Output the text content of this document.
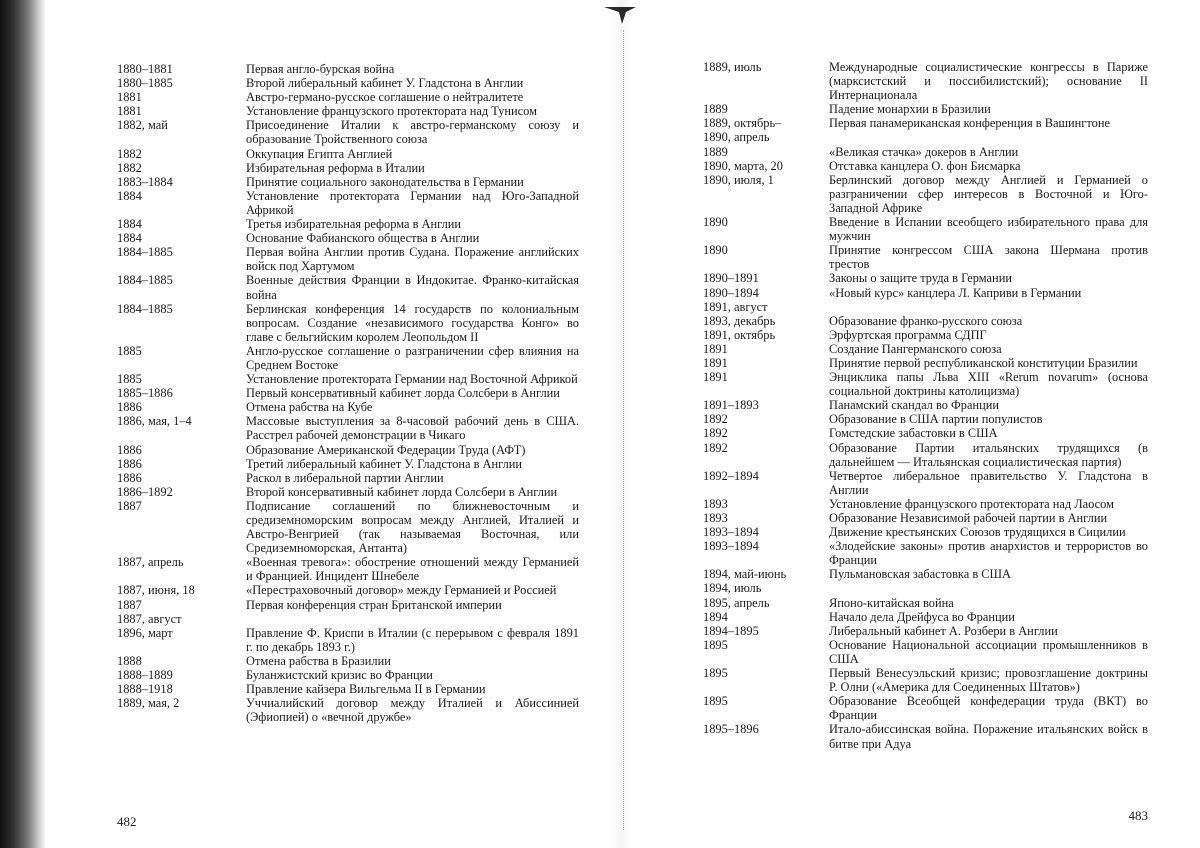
1880–1881	Первая англо-бурская война
1880–1885	Второй либеральный кабинет У. Гладстона в Англии
1881	Австро-германо-русское соглашение о нейтралитете
1881	Установление французского протектората над Тунисом
1882, май	Присоединение Италии к австро-германскому союзу и образование Тройственного союза
1882	Оккупация Египта Англией
1882	Избирательная реформа в Италии
1883–1884	Принятие социального законодательства в Германии
1884	Установление протектората Германии над Юго-Западной Африкой
1884	Третья избирательная реформа в Англии
1884	Основание Фабианского общества в Англии
1884–1885	Первая война Англии против Судана. Поражение английских войск под Хартумом
1884–1885	Военные действия Франции в Индокитае. Франко-китайская война
1884–1885	Берлинская конференция 14 государств по колониальным вопросам. Создание «независимого государства Конго» во главе с бельгийским королем Леопольдом II
1885	Англо-русское соглашение о разграничении сфер влияния на Среднем Востоке
1885	Установление протектората Германии над Восточной Африкой
1885–1886	Первый консервативный кабинет лорда Солсбери в Англии
1886	Отмена рабства на Кубе
1886, мая, 1–4	Массовые выступления за 8-часовой рабочий день в США. Расстрел рабочей демонстрации в Чикаго
1886	Образование Американской Федерации Труда (АФТ)
1886	Третий либеральный кабинет У. Гладстона в Англии
1886	Раскол в либеральной партии Англии
1886–1892	Второй консервативный кабинет лорда Солсбери в Англии
1887	Подписание соглашений по ближневосточным и средиземноморским вопросам между Англией, Италией и Австро-Венгрией (так называемая Восточная, или Средиземноморская, Антанта)
1887, апрель	«Военная тревога»: обострение отношений между Германией и Францией. Инцидент Шнебеле
1887, июня, 18	«Перестраховочный договор» между Германией и Россией
1887	Первая конференция стран Британской империи
1887, август
1896, март	Правление Ф. Криспи в Италии (с перерывом с февраля 1891 г. по декабрь 1893 г.)
1888	Отмена рабства в Бразилии
1888–1889	Буланжистский кризис во Франции
1888–1918	Правление кайзера Вильгельма II в Германии
1889, мая, 2	Уччиалийский договор между Италией и Абиссинией (Эфиопией) о «вечной дружбе»
482
1889, июль	Международные социалистические конгрессы в Париже (марксистский и поссибилистский); основание II Интернационала
1889	Падение монархии в Бразилии
1889, октябрь–	Первая панамериканская конференция в Вашингтоне
1890, апрель
1889	«Великая стачка» докеров в Англии
1890, марта, 20	Отставка канцлера О. фон Бисмарка
1890, июля, 1	Берлинский договор между Англией и Германией о разграничении сфер интересов в Восточной и Юго-Западной Африке
1890	Введение в Испании всеобщего избирательного права для мужчин
1890	Принятие конгрессом США закона Шермана против трестов
1890–1891	Законы о защите труда в Германии
1890–1894	«Новый курс» канцлера Л. Каприви в Германии
1891, август
1893, декабрь	Образование франко-русского союза
1891, октябрь	Эрфуртская программа СДПГ
1891	Создание Пангерманского союза
1891	Принятие первой республиканской конституции Бразилии
1891	Энциклика папы Льва XIII «Rerum novarum» (основа социальной доктрины католицизма)
1891–1893	Панамский скандал во Франции
1892	Образование в США партии популистов
1892	Гомстедские забастовки в США
1892	Образование Партии итальянских трудящихся (в дальнейшем — Итальянская социалистическая партия)
1892–1894	Четвертое либеральное правительство У. Гладстона в Англии
1893	Установление французского протектората над Лаосом
1893	Образование Независимой рабочей партии в Англии
1893–1894	Движение крестьянских Союзов трудящихся в Сицилии
1893–1894	«Злодейские законы» против анархистов и террористов во Франции
1894, май-июнь	Пульмановская забастовка в США
1894, июль
1895, апрель	Японо-китайская война
1894	Начало дела Дрейфуса во Франции
1894–1895	Либеральный кабинет А. Розбери в Англии
1895	Основание Национальной ассоциации промышленников в США
1895	Первый Венесуэльский кризис; провозглашение доктрины Р. Олни («Америка для Соединенных Штатов»)
1895	Образование Всеобщей конфедерации труда (ВКТ) во Франции
1895–1896	Итало-абиссинская война. Поражение итальянских войск в битве при Адуа
483
